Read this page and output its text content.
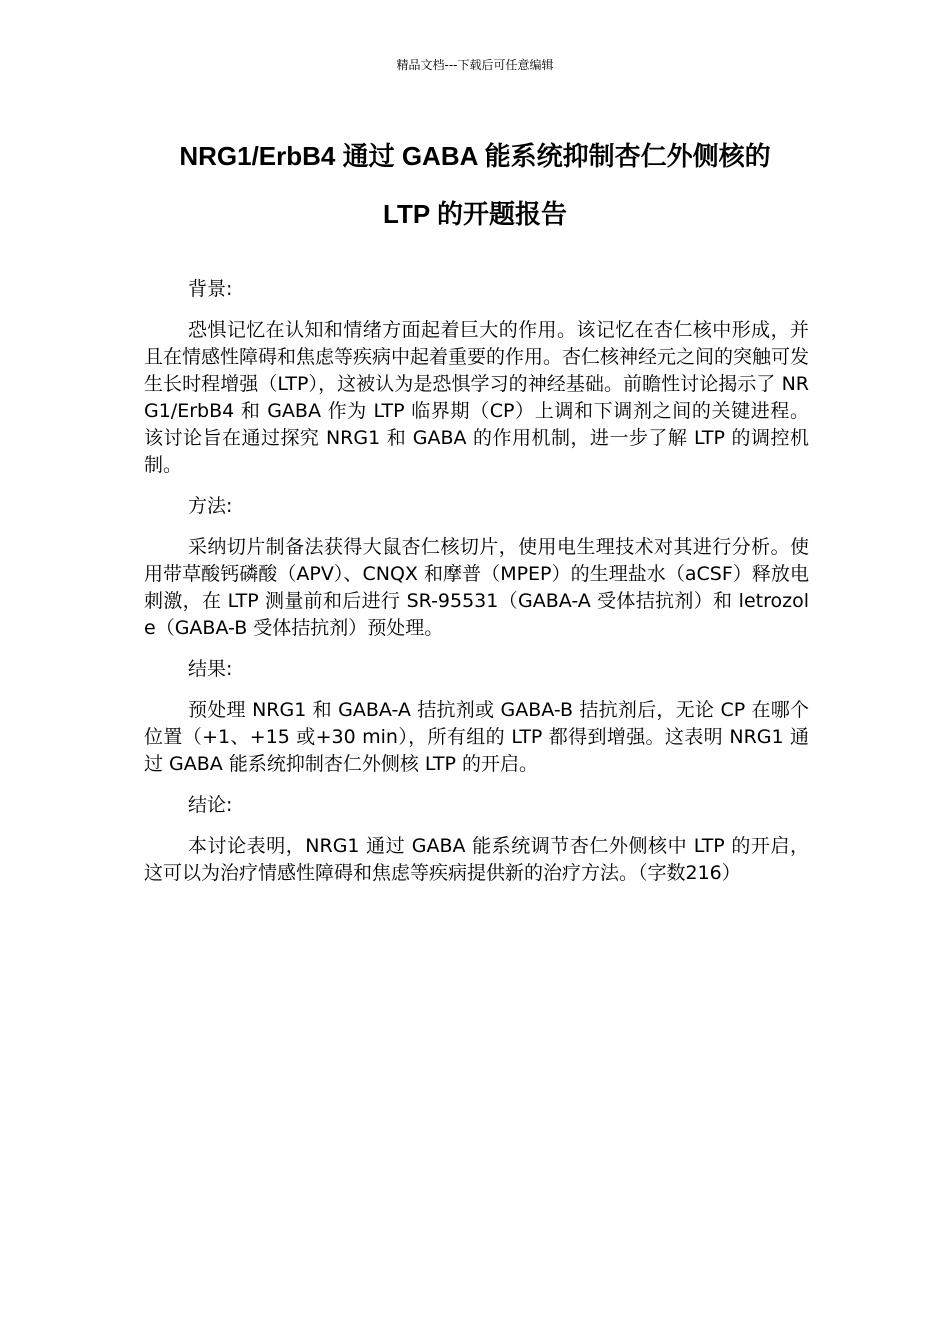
精品文档---下载后可任意编辑
NRG1/ErbB4 通过 GABA 能系统抑制杏仁外侧核的
LTP 的开题报告
背景:

恐惧记忆在认知和情绪方面起着巨大的作用。该记忆在杏仁核中形成，并且在情感性障碍和焦虑等疾病中起着重要的作用。杏仁核神经元之间的突触可发生长时程增强（LTP），这被认为是恐惧学习的神经基础。前瞻性讨论揭示了 NRG1/ErbB4 和 GABA 作为 LTP 临界期（CP）上调和下调剂之间的关键进程。该讨论旨在通过探究 NRG1 和 GABA 的作用机制，进一步了解 LTP 的调控机制。

方法:

采纳切片制备法获得大鼠杏仁核切片，使用电生理技术对其进行分析。使用带草酸钙磷酸（APV）、CNQX 和摩普（MPEP）的生理盐水（aCSF）释放电刺激，在 LTP 测量前和后进行 SR-95531（GABA-A 受体拮抗剂）和 letrozole（GABA-B 受体拮抗剂）预处理。

结果:

预处理 NRG1 和 GABA-A 拮抗剂或 GABA-B 拮抗剂后，无论 CP 在哪个位置（+1、+15 或+30 min），所有组的 LTP 都得到增强。这表明 NRG1 通过 GABA 能系统抑制杏仁外侧核 LTP 的开启。

结论:

本讨论表明，NRG1 通过 GABA 能系统调节杏仁外侧核中 LTP 的开启，这可以为治疗情感性障碍和焦虑等疾病提供新的治疗方法。（字数216）
